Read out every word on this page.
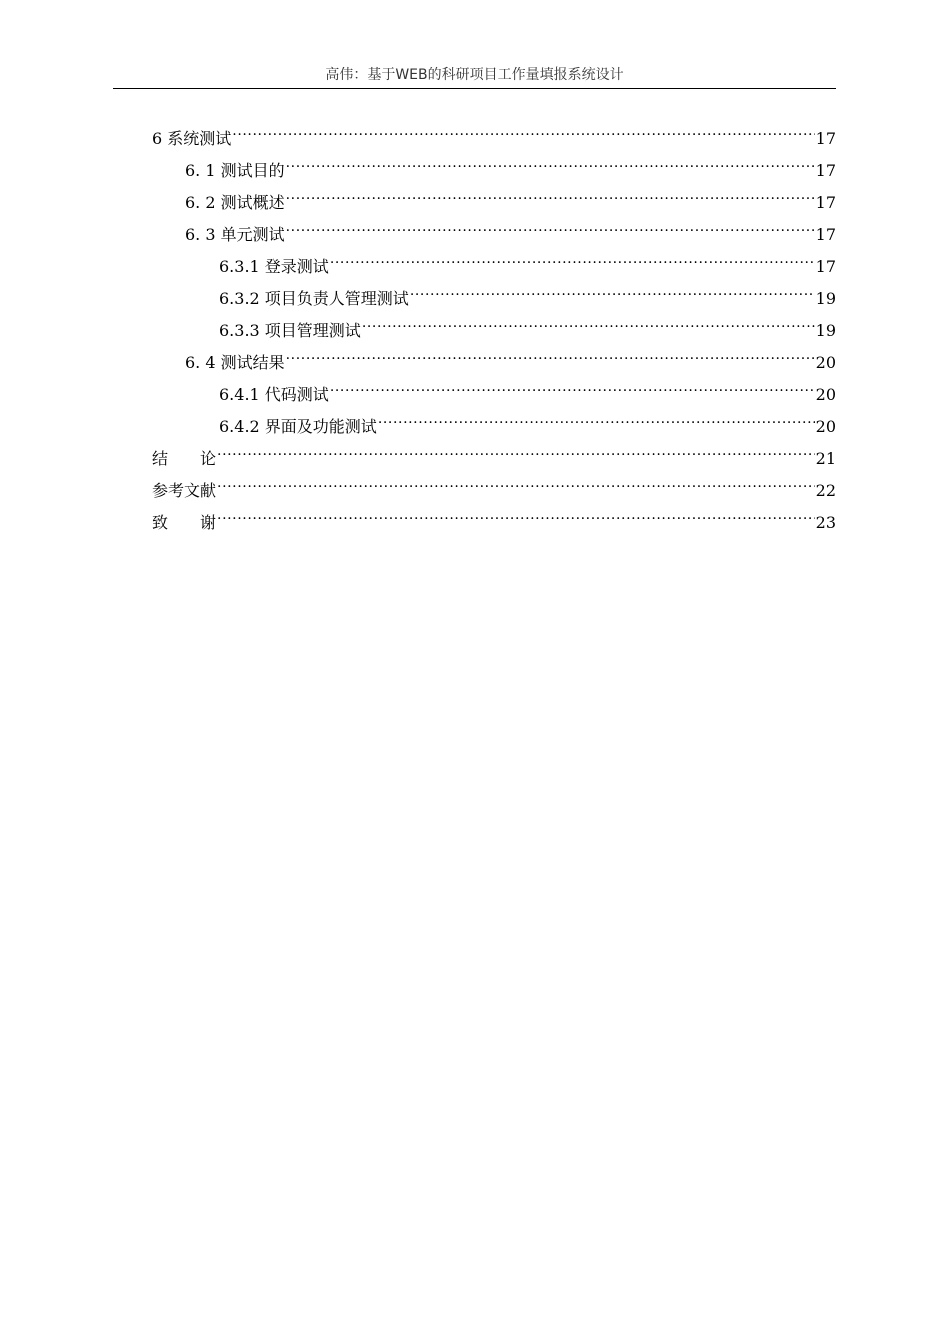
高伟：基于WEB的科研项目工作量填报系统设计
6 系统测试 .....	17
6. 1 测试目的 .....	17
6. 2 测试概述 .....	17
6. 3 单元测试 .....	17
6.3.1 登录测试 .....	17
6.3.2 项目负责人管理测试 .....	19
6.3.3 项目管理测试 .....	19
6. 4 测试结果 .....	20
6.4.1 代码测试 .....	20
6.4.2 界面及功能测试 .....	20
结　　论 .....	21
参考文献 .....	22
致　　谢 .....	23
